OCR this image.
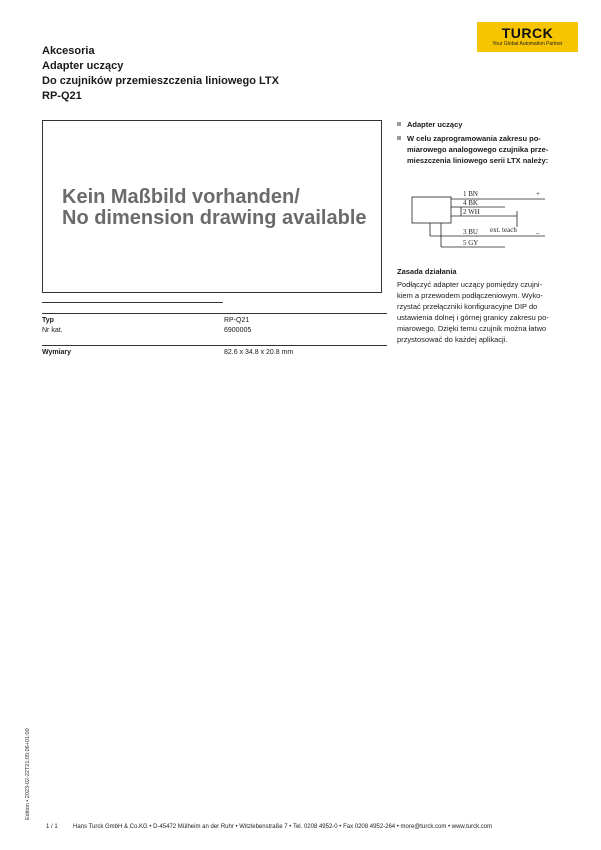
TURCK
Your Global Automation Partner
Akcesoria
Adapter uczący
Do czujników przemieszczenia liniowego LTX
RP-Q21
Kein Maßbild vorhanden/
No dimension drawing available
Typ	RP-Q21
Nr kat.	6900005
Wymiary	82.6 x 34.8 x 20.8 mm
Adapter uczący
W celu zaprogramowania zakresu po-
miarowego analogowego czujnika prze-
mieszczenia liniowego serii LTX należy:
1 BN
4 BK
2 WH
3 BU
5 GY
ext. teach
+
–
Zasada działania
Podłączyć adapter uczący pomiędzy czujni-
kiem a przewodem podłączeniowym. Wyko-
rzystać przełączniki konfiguracyjne DIP do
ustawienia dolnej i górnej granicy zakresu po-
miarowego. Dzięki temu czujnik można łatwo
przystosować do każdej aplikacji.
Edition • 2023-02-22T21:05:06+01:00
1 / 1	Hans Turck GmbH & Co.KG • D-45472 Mülheim an der Ruhr • Witzlebenstraße 7 • Tel. 0208 4952-0 • Fax 0208 4952-264 • more@turck.com • www.turck.com
